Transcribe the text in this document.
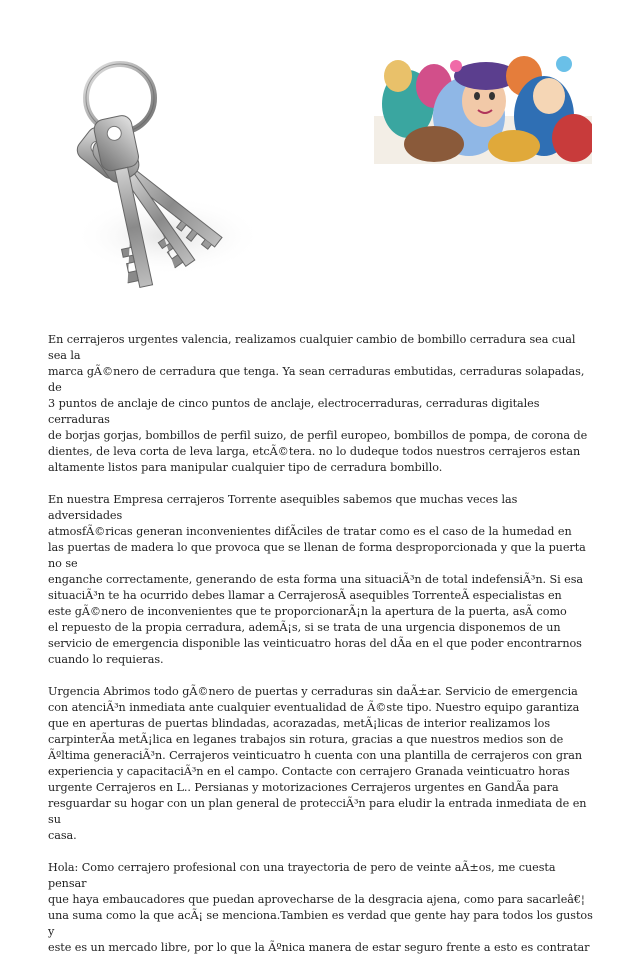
En cerrajeros urgentes valencia, realizamos cualquier cambio de bombillo cerradura sea cual sea la
marca gÃ©nero de cerradura que tenga. Ya sean cerraduras embutidas, cerraduras solapadas, de
3 puntos de anclaje de cinco puntos de anclaje, electrocerraduras, cerraduras digitales cerraduras
de borjas gorjas, bombillos de perfil suizo, de perfil europeo, bombillos de pompa, de corona de
dientes, de leva corta de leva larga, etcÃ©tera. no lo dudeque todos nuestros cerrajeros estan
altamente listos para manipular cualquier tipo de cerradura bombillo.

En nuestra Empresa cerrajeros Torrente asequibles sabemos que muchas veces las adversidades
atmosfÃ©ricas generan inconvenientes difÃciles de tratar como es el caso de la humedad en
las puertas de madera lo que provoca que se llenan de forma desproporcionada y que la puerta no se
enganche correctamente, generando de esta forma una situaciÃ³n de total indefensiÃ³n. Si esa
situaciÃ³n te ha ocurrido debes llamar a CerrajerosÃ asequibles TorrenteÃ especialistas en
este gÃ©nero de inconvenientes que te proporcionarÃ¡n la apertura de la puerta, asÃ como
el repuesto de la propia cerradura, ademÃ¡s, si se trata de una urgencia disponemos de un
servicio de emergencia disponible las veinticuatro horas del dÃa en el que poder encontrarnos
cuando lo requieras.

Urgencia Abrimos todo gÃ©nero de puertas y cerraduras sin daÃ±ar. Servicio de emergencia
con atenciÃ³n inmediata ante cualquier eventualidad de Ã©ste tipo. Nuestro equipo garantiza
que en aperturas de puertas blindadas, acorazadas, metÃ¡licas de interior realizamos los
carpinterÃa metÃ¡lica en leganes trabajos sin rotura, gracias a que nuestros medios son de
Ãºltima generaciÃ³n. Cerrajeros veinticuatro h cuenta con una plantilla de cerrajeros con gran
experiencia y capacitaciÃ³n en el campo. Contacte con cerrajero Granada veinticuatro horas
urgente Cerrajeros en L.. Persianas y motorizaciones Cerrajeros urgentes en GandÃa para
resguardar su hogar con un plan general de protecciÃ³n para eludir la entrada inmediata de en su
casa.

Hola: Como cerrajero profesional con una trayectoria de pero de veinte aÃ±os, me cuesta pensar
que haya embaucadores que puedan aprovecharse de la desgracia ajena, como para sacarleâ€¦
una suma como la que acÃ¡ se menciona.Tambien es verdad que gente hay para todos los gustos y
este es un mercado libre, por lo que la Ãºnica manera de estar seguro frente a esto es contratar
